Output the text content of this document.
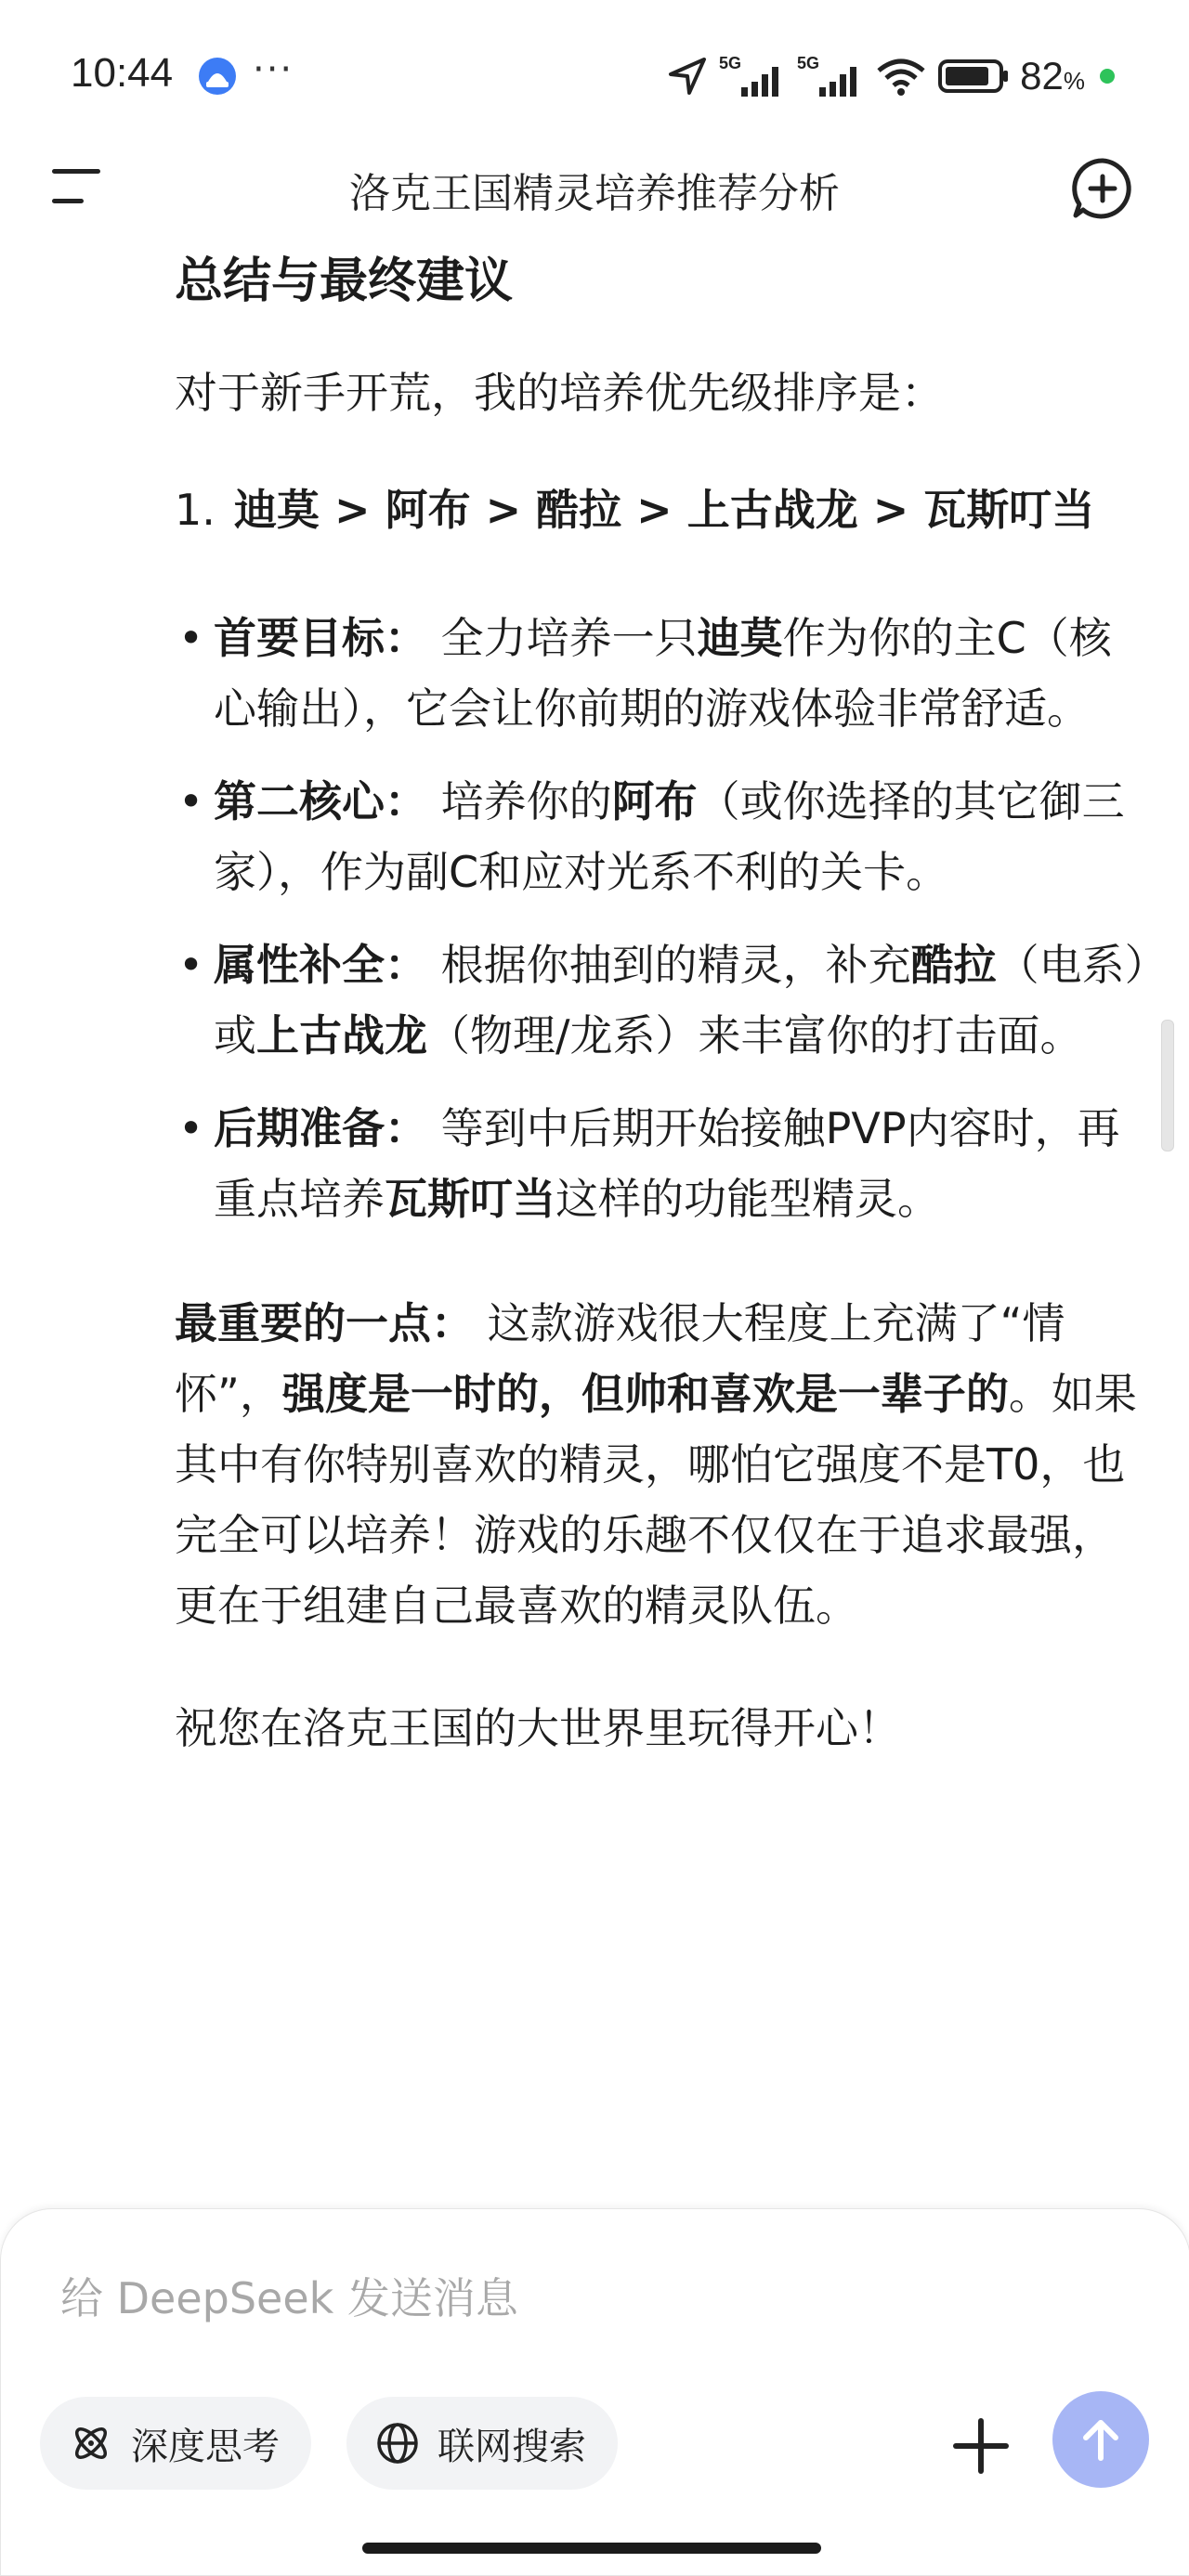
10:44 ···	5G	5G	82%
洛克王国精灵培养推荐分析
总结与最终建议

对于新手开荒，我的培养优先级排序是：

1. 迪莫 > 阿布 > 酷拉 > 上古战龙 > 瓦斯叮当
• 首要目标： 全力培养一只迪莫作为你的主C（核心输出），它会让你前期的游戏体验非常舒适。
• 第二核心： 培养你的阿布（或你选择的其它御三家），作为副C和应对光系不利的关卡。
• 属性补全： 根据你抽到的精灵，补充酷拉（电系）或上古战龙（物理/龙系）来丰富你的打击面。
• 后期准备： 等到中后期开始接触PVP内容时，再重点培养瓦斯叮当这样的功能型精灵。

最重要的一点： 这款游戏很大程度上充满了“情怀”，强度是一时的，但帅和喜欢是一辈子的。如果其中有你特别喜欢的精灵，哪怕它强度不是T0，也完全可以培养！游戏的乐趣不仅仅在于追求最强，更在于组建自己最喜欢的精灵队伍。

祝您在洛克王国的大世界里玩得开心！

给 DeepSeek 发送消息
深度思考	联网搜索
